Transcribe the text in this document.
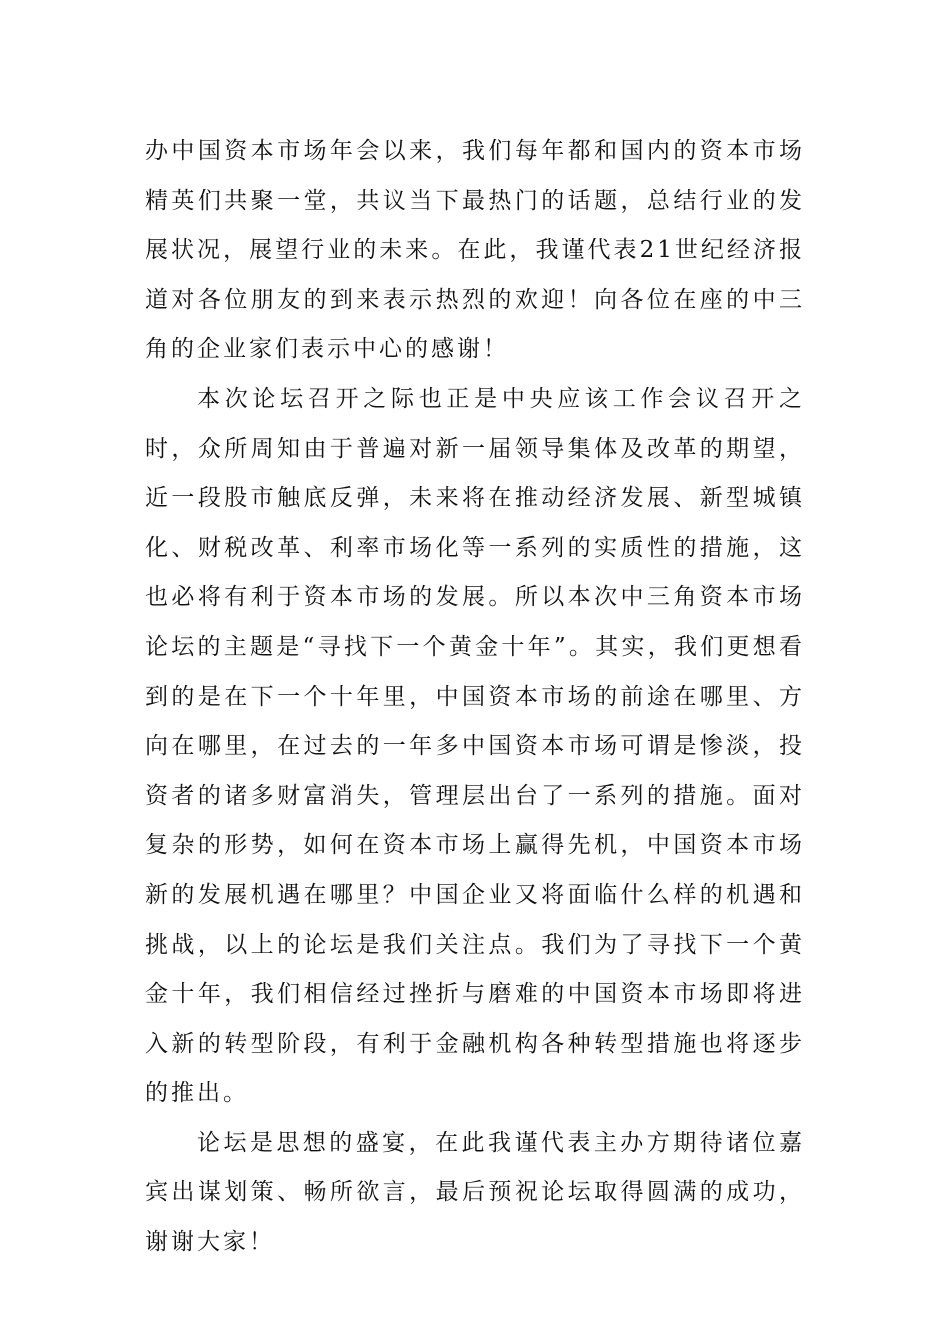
办中国资本市场年会以来，我们每年都和国内的资本市场精英们共聚一堂，共议当下最热门的话题，总结行业的发展状况，展望行业的未来。在此，我谨代表21世纪经济报道对各位朋友的到来表示热烈的欢迎！向各位在座的中三角的企业家们表示中心的感谢！

本次论坛召开之际也正是中央应该工作会议召开之时，众所周知由于普遍对新一届领导集体及改革的期望，近一段股市触底反弹，未来将在推动经济发展、新型城镇化、财税改革、利率市场化等一系列的实质性的措施，这也必将有利于资本市场的发展。所以本次中三角资本市场论坛的主题是“寻找下一个黄金十年”。其实，我们更想看到的是在下一个十年里，中国资本市场的前途在哪里、方向在哪里，在过去的一年多中国资本市场可谓是惨淡，投资者的诸多财富消失，管理层出台了一系列的措施。面对复杂的形势，如何在资本市场上赢得先机，中国资本市场新的发展机遇在哪里？中国企业又将面临什么样的机遇和挑战，以上的论坛是我们关注点。我们为了寻找下一个黄金十年，我们相信经过挫折与磨难的中国资本市场即将进入新的转型阶段，有利于金融机构各种转型措施也将逐步的推出。

论坛是思想的盛宴，在此我谨代表主办方期待诸位嘉宾出谋划策、畅所欲言，最后预祝论坛取得圆满的成功，谢谢大家！
